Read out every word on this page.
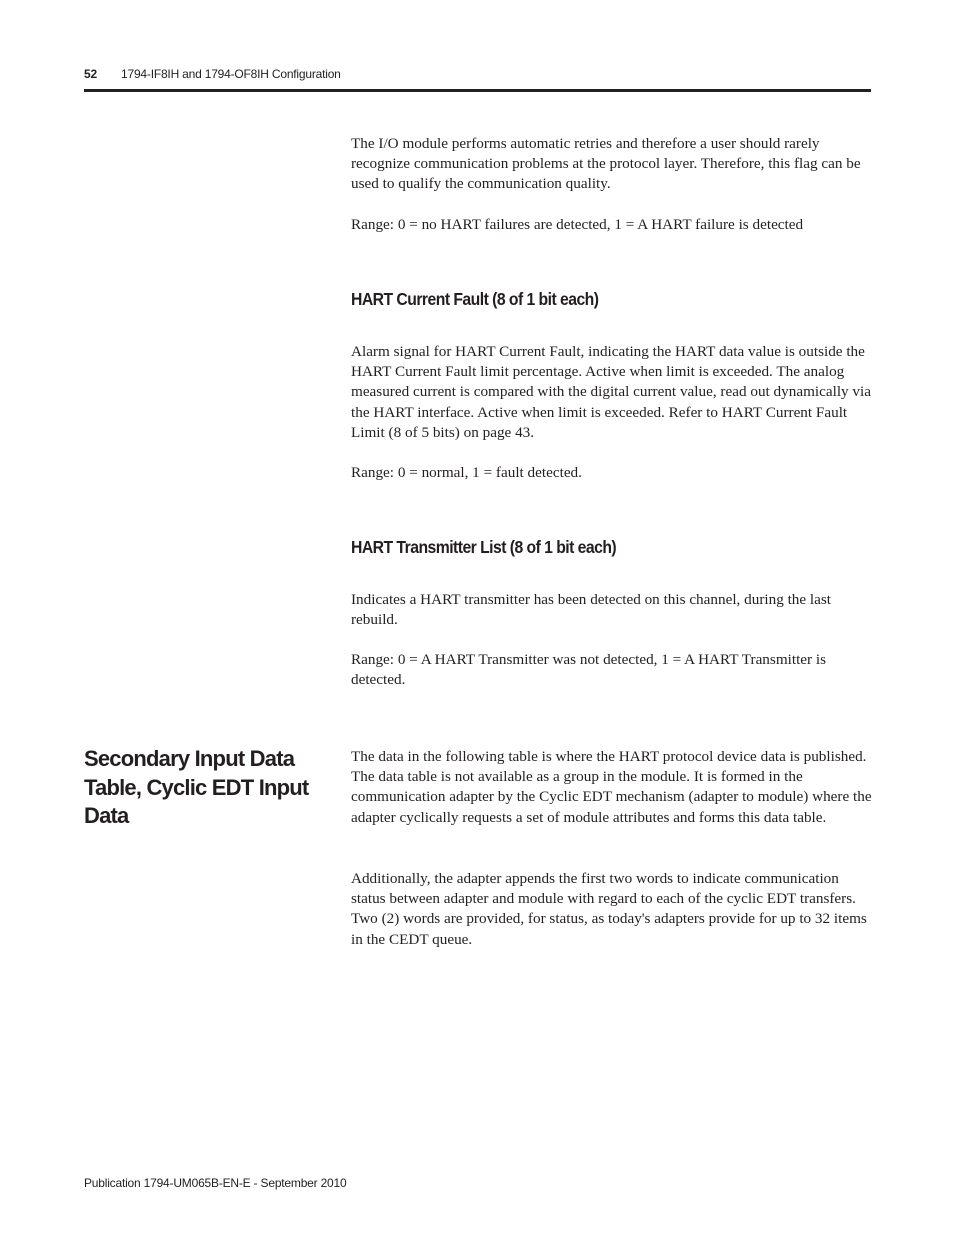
52 1794-IF8IH and 1794-OF8IH Configuration

The I/O module performs automatic retries and therefore a user should rarely recognize communication problems at the protocol layer. Therefore, this flag can be used to qualify the communication quality.

Range: 0 = no HART failures are detected, 1 = A HART failure is detected

HART Current Fault (8 of 1 bit each)

Alarm signal for HART Current Fault, indicating the HART data value is outside the HART Current Fault limit percentage. Active when limit is exceeded. The analog measured current is compared with the digital current value, read out dynamically via the HART interface. Active when limit is exceeded. Refer to HART Current Fault Limit (8 of 5 bits) on page 43.

Range: 0 = normal, 1 = fault detected.

HART Transmitter List (8 of 1 bit each)

Indicates a HART transmitter has been detected on this channel, during the last rebuild.

Range: 0 = A HART Transmitter was not detected, 1 = A HART Transmitter is detected.

Secondary Input Data Table, Cyclic EDT Input Data

The data in the following table is where the HART protocol device data is published. The data table is not available as a group in the module. It is formed in the communication adapter by the Cyclic EDT mechanism (adapter to module) where the adapter cyclically requests a set of module attributes and forms this data table.

Additionally, the adapter appends the first two words to indicate communication status between adapter and module with regard to each of the cyclic EDT transfers. Two (2) words are provided, for status, as today's adapters provide for up to 32 items in the CEDT queue.

Publication 1794-UM065B-EN-E - September 2010
